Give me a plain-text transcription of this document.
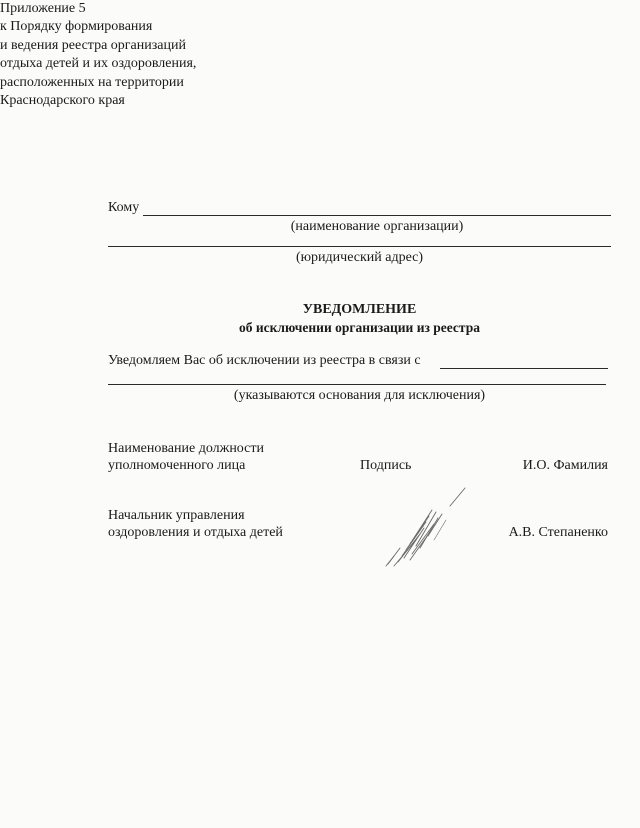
Приложение 5
к Порядку формирования
и ведения реестра организаций
отдыха детей и их оздоровления,
расположенных на территории
Краснодарского края
Кому
(наименование организации)
(юридический адрес)
УВЕДОМЛЕНИЕ
об исключении организации из реестра
Уведомляем Вас об исключении из реестра в связи с
(указываются основания для исключения)
Наименование должности
уполномоченного лица	Подпись	И.О. Фамилия
Начальник управления
оздоровления и отдыха детей	А.В. Степаненко
